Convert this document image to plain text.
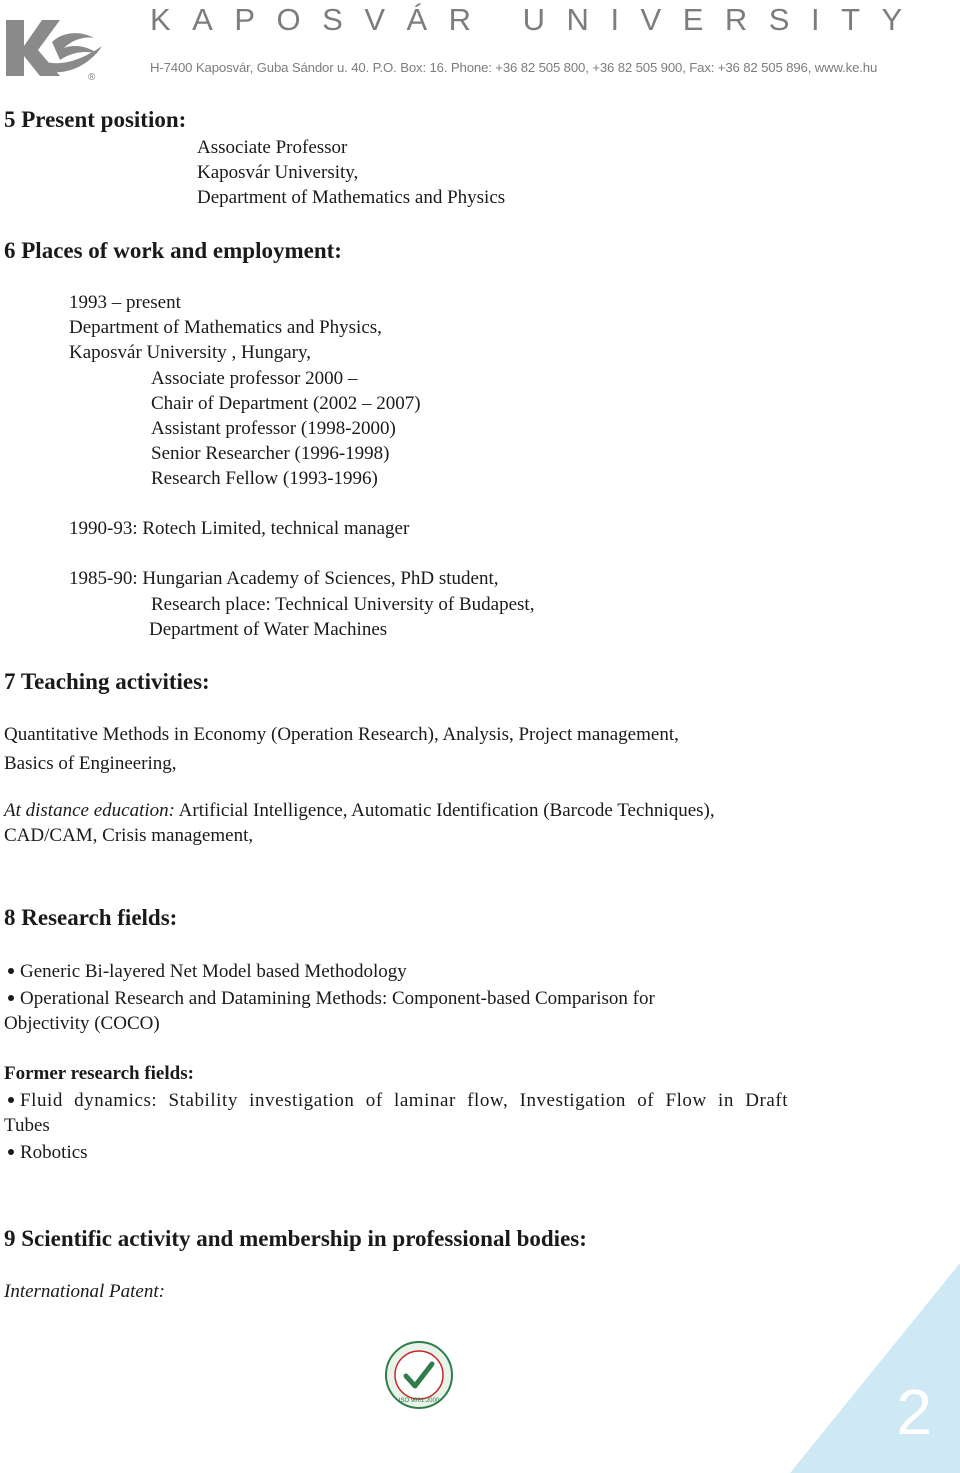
®
KAPOSVÁR UNIVERSITY
H-7400 Kaposvár, Guba Sándor u. 40. P.O. Box: 16. Phone: +36 82 505 800, +36 82 505 900, Fax: +36 82 505 896, www.ke.hu
5 Present position:
Associate Professor
Kaposvár University,
Department of Mathematics and Physics
6 Places of work and employment:
1993 – present
Department of Mathematics and Physics,
Kaposvár University , Hungary,
Associate professor 2000 –
Chair of Department (2002 – 2007)
Assistant professor (1998-2000)
Senior Researcher (1996-1998)
Research Fellow (1993-1996)
1990-93: Rotech Limited, technical manager
1985-90: Hungarian Academy of Sciences, PhD student,
Research place: Technical University of Budapest,
Department of Water Machines
7 Teaching activities:
Quantitative Methods in Economy (Operation Research), Analysis, Project management,
Basics of Engineering,
At distance education: Artificial Intelligence, Automatic Identification (Barcode Techniques),
CAD/CAM, Crisis management,
8 Research fields:
Generic Bi-layered Net Model based Methodology
Operational Research and Datamining Methods: Component-based Comparison for
Objectivity (COCO)
Former research fields:
Fluid dynamics: Stability investigation of laminar flow, Investigation of Flow in Draft
Tubes
Robotics
9 Scientific activity and membership in professional bodies:
International Patent:
ISO 9001:2000	2
